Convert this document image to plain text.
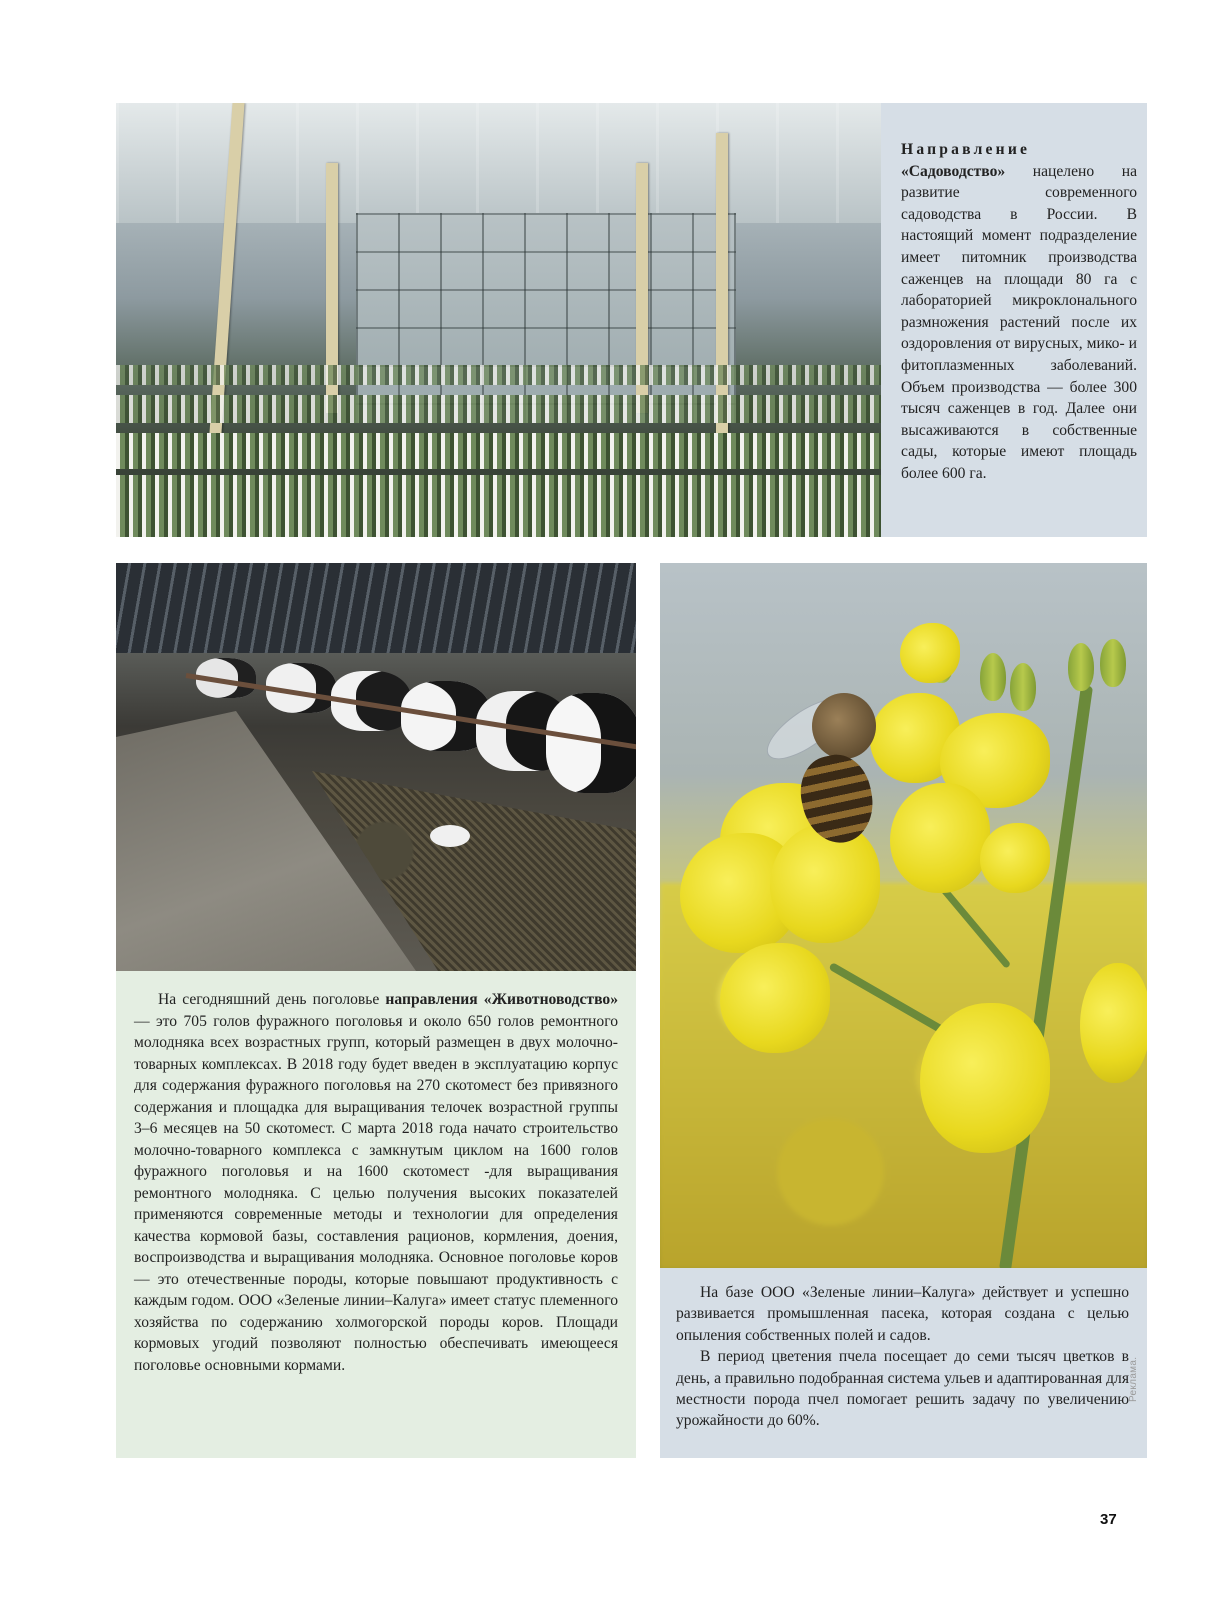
Направление «Садоводство» нацелено на развитие современного садоводства в России. В настоящий момент подразделение имеет питомник производства саженцев на площади 80 га с лабораторией микроклонального размножения растений после их оздоровления от вирусных, мико- и фитоплазменных заболеваний. Объем производства — более 300 тысяч саженцев в год. Далее они высаживаются в собственные сады, которые имеют площадь более 600 га.

На сегодняшний день поголовье направления «Животноводство» — это 705 голов фуражного поголовья и около 650 голов ремонтного молодняка всех возрастных групп, который размещен в двух молочно-товарных комплексах. В 2018 году будет введен в эксплуатацию корпус для содержания фуражного поголовья на 270 скотомест без привязного содержания и площадка для выращивания телочек возрастной группы 3–6 месяцев на 50 скотомест. С марта 2018 года начато строительство молочно-товарного комплекса с замкнутым циклом на 1600 голов фуражного поголовья и на 1600 скотомест -для выращивания ремонтного молодняка. С целью получения высоких показателей применяются современные методы и технологии для определения качества кормовой базы, составления рационов, кормления, доения, воспроизводства и выращивания молодняка. Основное поголовье коров — это отечественные породы, которые повышают продуктивность с каждым годом. ООО «Зеленые линии–Калуга» имеет статус племенного хозяйства по содержанию холмогорской породы коров. Площади кормовых угодий позволяют полностью обеспечивать имеющееся поголовье основными кормами.

На базе ООО «Зеленые линии–Калуга» действует и успешно развивается промышленная пасека, которая создана с целью опыления собственных полей и садов.

В период цветения пчела посещает до семи тысяч цветков в день, а правильно подобранная система ульев и адаптированная для местности порода пчел помогает решить задачу по увеличению урожайности до 60%.

Реклама.
37
